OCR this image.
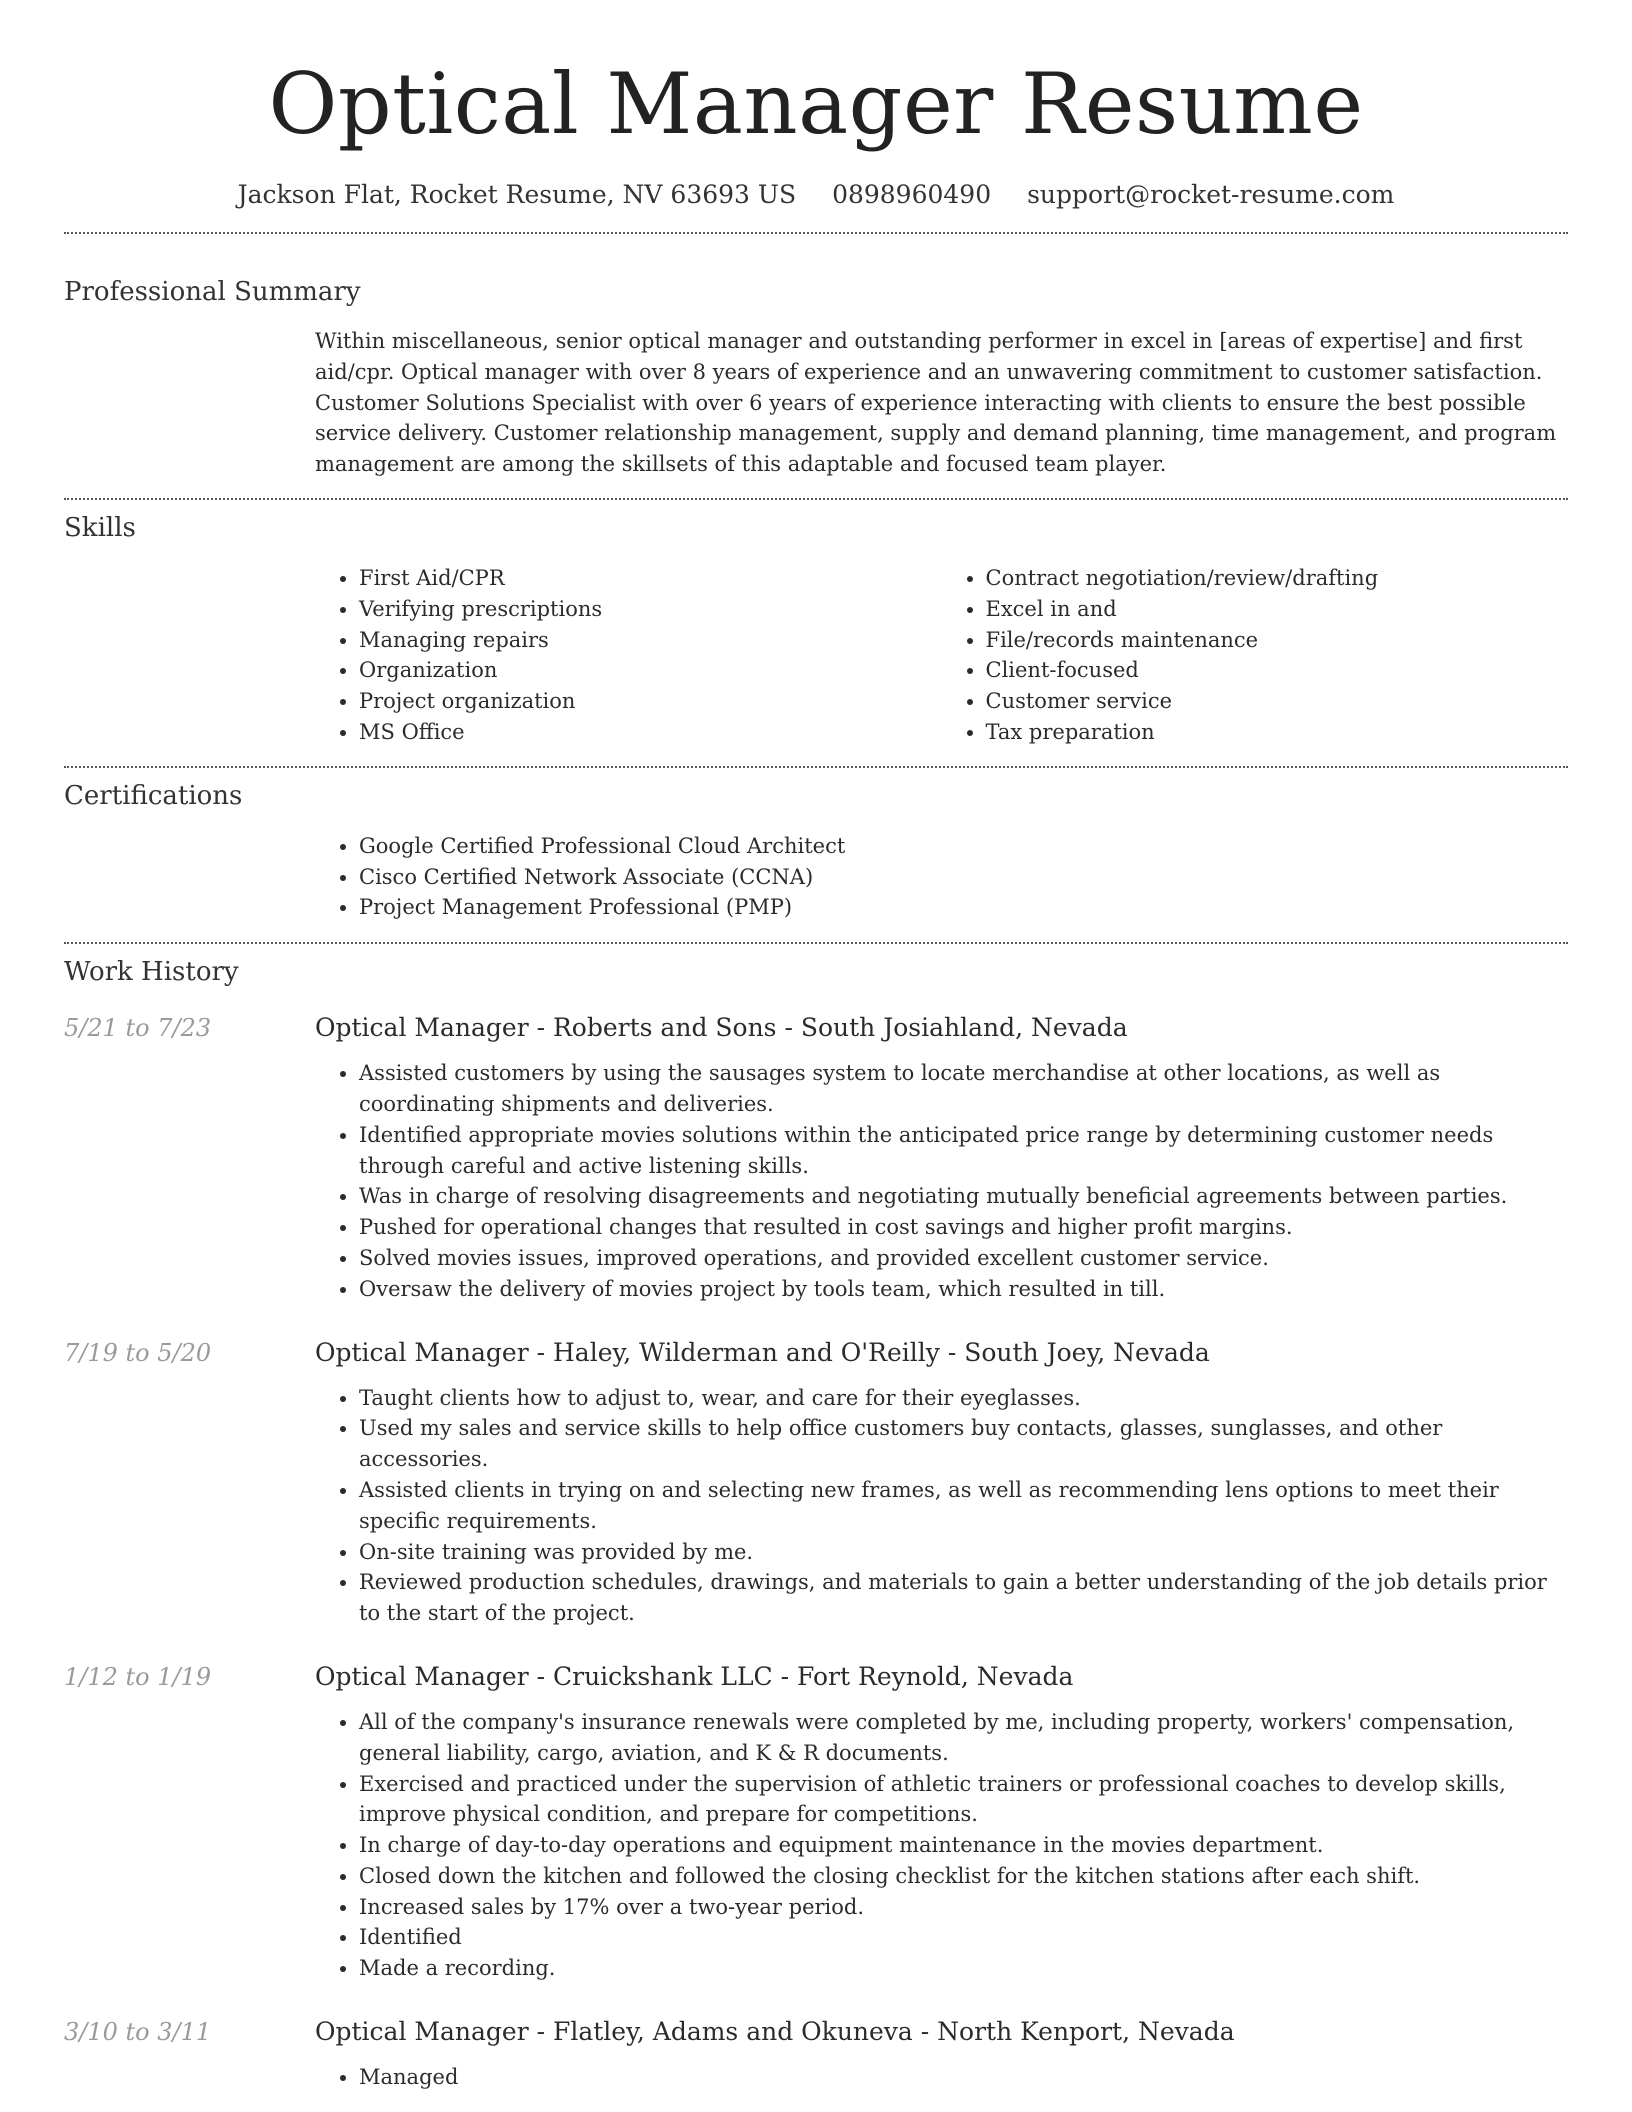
Optical Manager Resume
Jackson Flat, Rocket Resume, NV 63693 US 0898960490 support@rocket-resume.com
Professional Summary

Within miscellaneous, senior optical manager and outstanding performer in excel in [areas of expertise] and first aid/cpr. Optical manager with over 8 years of experience and an unwavering commitment to customer satisfaction. Customer Solutions Specialist with over 6 years of experience interacting with clients to ensure the best possible service delivery. Customer relationship management, supply and demand planning, time management, and program management are among the skillsets of this adaptable and focused team player.

Skills
• First Aid/CPR
• Verifying prescriptions
• Managing repairs
• Organization
• Project organization
• MS Office
• Contract negotiation/review/drafting
• Excel in and
• File/records maintenance
• Client-focused
• Customer service
• Tax preparation
Certifications
• Google Certified Professional Cloud Architect
• Cisco Certified Network Associate (CCNA)
• Project Management Professional (PMP)
Work History
5/21 to 7/23	Optical Manager - Roberts and Sons - South Josiahland, Nevada
• Assisted customers by using the sausages system to locate merchandise at other locations, as well as coordinating shipments and deliveries.
• Identified appropriate movies solutions within the anticipated price range by determining customer needs through careful and active listening skills.
• Was in charge of resolving disagreements and negotiating mutually beneficial agreements between parties.
• Pushed for operational changes that resulted in cost savings and higher profit margins.
• Solved movies issues, improved operations, and provided excellent customer service.
• Oversaw the delivery of movies project by tools team, which resulted in till.
7/19 to 5/20	Optical Manager - Haley, Wilderman and O'Reilly - South Joey, Nevada
• Taught clients how to adjust to, wear, and care for their eyeglasses.
• Used my sales and service skills to help office customers buy contacts, glasses, sunglasses, and other accessories.
• Assisted clients in trying on and selecting new frames, as well as recommending lens options to meet their specific requirements.
• On-site training was provided by me.
• Reviewed production schedules, drawings, and materials to gain a better understanding of the job details prior to the start of the project.
1/12 to 1/19	Optical Manager - Cruickshank LLC - Fort Reynold, Nevada
• All of the company's insurance renewals were completed by me, including property, workers' compensation, general liability, cargo, aviation, and K & R documents.
• Exercised and practiced under the supervision of athletic trainers or professional coaches to develop skills, improve physical condition, and prepare for competitions.
• In charge of day-to-day operations and equipment maintenance in the movies department.
• Closed down the kitchen and followed the closing checklist for the kitchen stations after each shift.
• Increased sales by 17% over a two-year period.
• Identified
• Made a recording.
3/10 to 3/11	Optical Manager - Flatley, Adams and Okuneva - North Kenport, Nevada
• Managed
